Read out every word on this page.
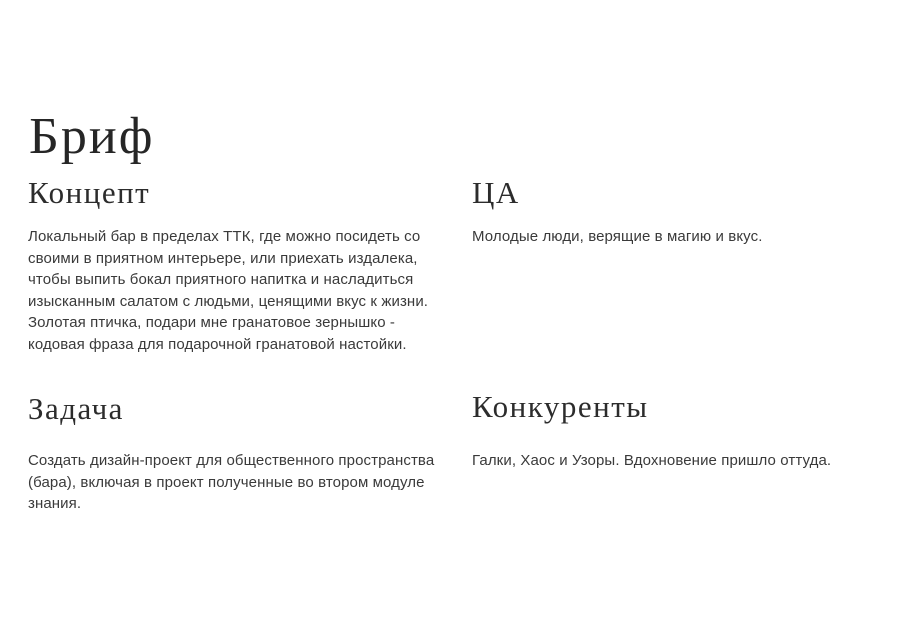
Бриф
Концепт

Локальный бар в пределах ТТК, где можно посидеть со своими в приятном интерьере, или приехать издалека, чтобы выпить бокал приятного напитка и насладиться изысканным салатом с людьми, ценящими вкус к жизни.

Золотая птичка, подари мне гранатовое зернышко - кодовая фраза для подарочной гранатовой настойки.

ЦА

Молодые люди, верящие в магию и вкус.

Задача

Создать дизайн-проект для общественного пространства (бара), включая в проект полученные во втором модуле знания.

Конкуренты

Галки, Хаос и Узоры. Вдохновение пришло оттуда.
